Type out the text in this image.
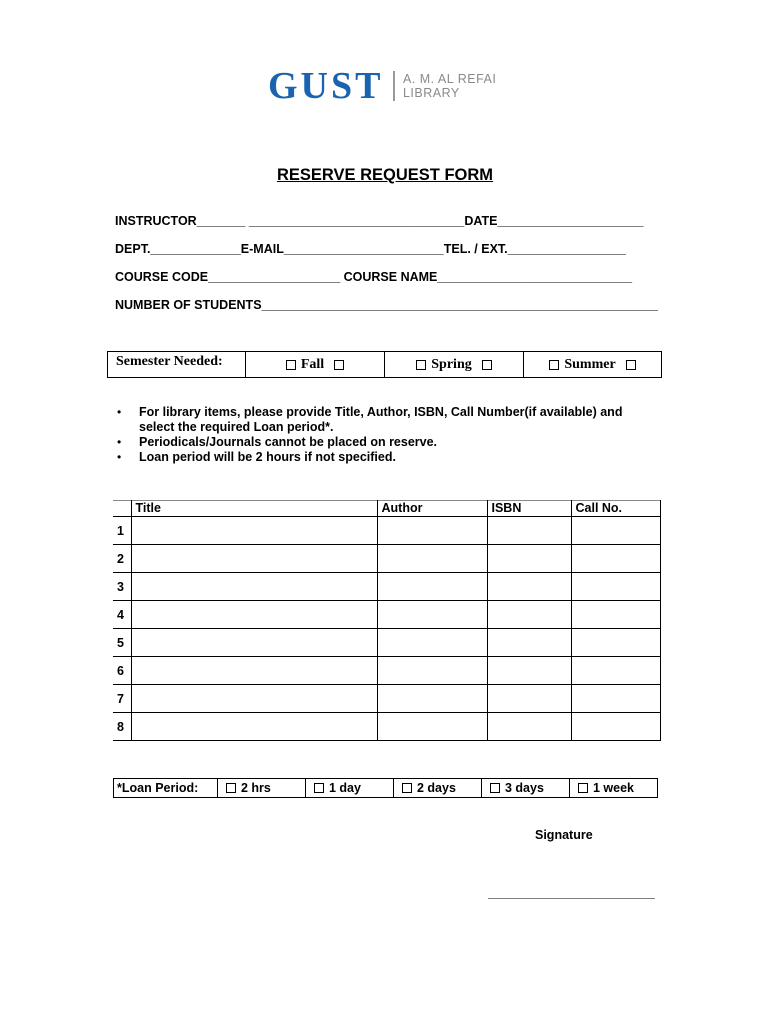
GUST A. M. AL REFAI
LIBRARY
RESERVE REQUEST FORM
INSTRUCTOR_______ _______________________________DATE_____________________
DEPT._____________E-MAIL_______________________TEL. / EXT._________________
COURSE CODE___________________ COURSE NAME____________________________
NUMBER OF STUDENTS_________________________________________________________
Semester Needed:	Fall	Spring	Summer
• For library items, please provide Title, Author, ISBN, Call Number(if available) and
select the required Loan period*.
• Periodicals/Journals cannot be placed on reserve.
• Loan period will be 2 hours if not specified.
	Title	Author	ISBN	Call No.
1				
2				
3				
4				
5				
6				
7				
8				
*Loan Period:	2 hrs	1 day	2 days	3 days	1 week
Signature
________________________
